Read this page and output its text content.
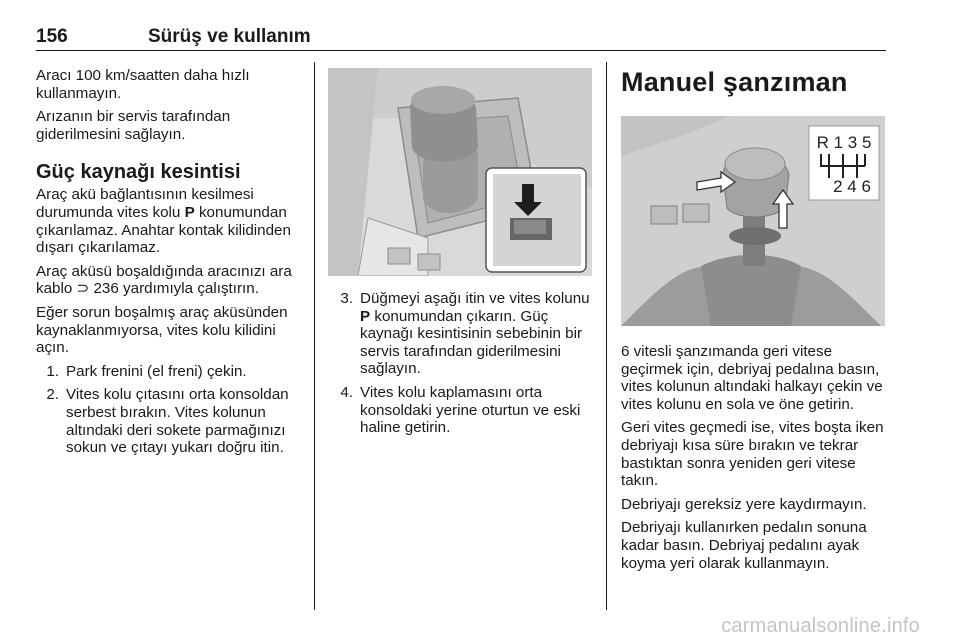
156	Sürüş ve kullanım

Aracı 100 km/saatten daha hızlı kullanmayın.

Arızanın bir servis tarafından giderilmesini sağlayın.

Güç kaynağı kesintisi

Araç akü bağlantısının kesilmesi durumunda vites kolu P konumundan çıkarılamaz. Anahtar kontak kilidinden dışarı çıkarılamaz.

Araç aküsü boşaldığında aracınızı ara kablo ⊃ 236 yardımıyla çalıştırın.

Eğer sorun boşalmış araç aküsünden kaynaklanmıyorsa, vites kolu kilidini açın.

1. Park frenini (el freni) çekin.
2. Vites kolu çıtasını orta konsoldan serbest bırakın. Vites kolunun altındaki deri sokete parmağınızı sokun ve çıtayı yukarı doğru itin.
3. Düğmeyi aşağı itin ve vites kolunu P konumundan çıkarın. Güç kaynağı kesintisinin sebebinin bir servis tarafından giderilmesini sağlayın.
4. Vites kolu kaplamasını orta konsoldaki yerine oturtun ve eski haline getirin.
Manuel şanzıman
R 1 3 5
2 4 6

6 vitesli şanzımanda geri vitese geçirmek için, debriyaj pedalına basın, vites kolunun altındaki halkayı çekin ve vites kolunu en sola ve öne getirin.

Geri vites geçmedi ise, vites boşta iken debriyajı kısa süre bırakın ve tekrar bastıktan sonra yeniden geri vitese takın.

Debriyajı gereksiz yere kaydırmayın.

Debriyajı kullanırken pedalın sonuna kadar basın. Debriyaj pedalını ayak koyma yeri olarak kullanmayın.

carmanualsonline.info
